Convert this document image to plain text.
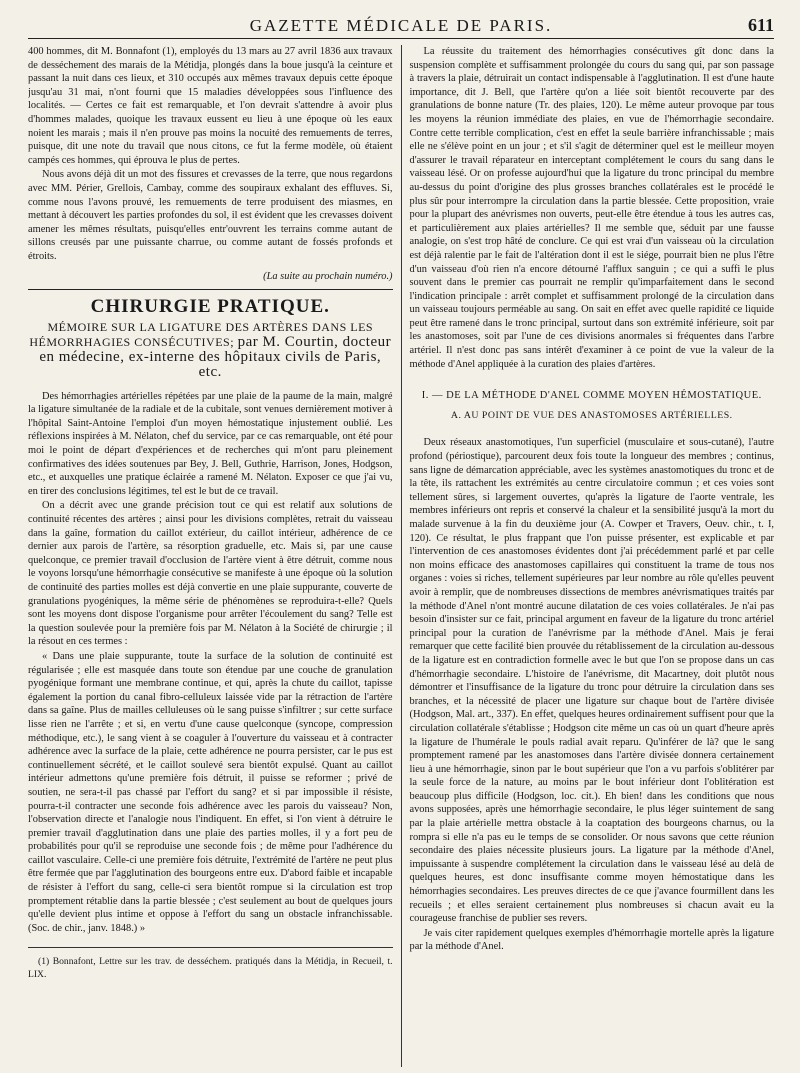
GAZETTE MÉDICALE DE PARIS.	611

400 hommes, dit M. Bonnafont (1), employés du 13 mars au 27 avril 1836 aux travaux de desséchement des marais de la Métidja, plongés dans la boue jusqu'à la ceinture et passant la nuit dans ces lieux, et 310 occupés aux mêmes travaux depuis cette époque jusqu'au 31 mai, n'ont fourni que 15 maladies développées sous l'influence des localités. — Certes ce fait est remarquable, et l'on devrait s'attendre à avoir plus d'hommes malades, quoique les travaux eussent eu lieu à une époque où les eaux noient les marais ; mais il n'en prouve pas moins la nocuité des remuements de terres, puisque, dit une note du travail que nous citons, ce fut la ferme modèle, où étaient campés ces hommes, qui éprouva le plus de pertes.

Nous avons déjà dit un mot des fissures et crevasses de la terre, que nous regardons avec MM. Périer, Grellois, Cambay, comme des soupiraux exhalant des effluves. Si, comme nous l'avons prouvé, les remuements de terre produisent des miasmes, en mettant à découvert les parties profondes du sol, il est évident que les crevasses doivent amener les mêmes résultats, puisqu'elles entr'ouvrent les terrains comme autant de sillons creusés par une puissante charrue, ou comme autant de fossés profonds et étroits.

(La suite au prochain numéro.)
CHIRURGIE PRATIQUE.
MÉMOIRE SUR LA LIGATURE DES ARTÈRES DANS LES HÉMORRHAGIES CONSÉCUTIVES; par M. Courtin, docteur en médecine, ex-interne des hôpitaux civils de Paris, etc.

Des hémorrhagies artérielles répétées par une plaie de la paume de la main, malgré la ligature simultanée de la radiale et de la cubitale, sont venues dernièrement motiver à l'hôpital Saint-Antoine l'emploi d'un moyen hémostatique injustement oublié. Les réflexions inspirées à M. Nélaton, chef du service, par ce cas remarquable, ont été pour moi le point de départ d'expériences et de recherches qui m'ont paru pleinement confirmatives des idées soutenues par Bey, J. Bell, Guthrie, Harrison, Jones, Hodgson, etc., et auxquelles une pratique éclairée a ramené M. Nélaton. Exposer ce que j'ai vu, en tirer des conclusions légitimes, tel est le but de ce travail.

On a décrit avec une grande précision tout ce qui est relatif aux solutions de continuité récentes des artères ; ainsi pour les divisions complètes, retrait du vaisseau dans la gaîne, formation du caillot extérieur, du caillot intérieur, adhérence de ce dernier aux parois de l'artère, sa résorption graduelle, etc. Mais si, par une cause quelconque, ce premier travail d'occlusion de l'artère vient à être détruit, comme nous le voyons lorsqu'une hémorrhagie consécutive se manifeste à une époque où la solution de continuité des parties molles est déjà convertie en une plaie suppurante, couverte de granulations pyogéniques, la même série de phénomènes se reproduira-t-elle? Quels sont les moyens dont dispose l'organisme pour arrêter l'écoulement du sang? Telle est la question soulevée pour la première fois par M. Nélaton à la Société de chirurgie ; il la résout en ces termes :

« Dans une plaie suppurante, toute la surface de la solution de continuité est régularisée ; elle est masquée dans toute son étendue par une couche de granulation pyogénique formant une membrane continue, et qui, après la chute du caillot, tapisse également la portion du canal fibro-celluleux laissée vide par la rétraction de l'artère dans sa gaîne. Plus de mailles celluleuses où le sang puisse s'infiltrer ; sur cette surface lisse rien ne l'arrête ; et si, en vertu d'une cause quelconque (syncope, compression méthodique, etc.), le sang vient à se coaguler à l'ouverture du vaisseau et à contracter adhérence avec la surface de la plaie, cette adhérence ne pourra persister, car le pus est continuellement sécrété, et le caillot soulevé sera bientôt expulsé. Quant au caillot intérieur admettons qu'une première fois détruit, il puisse se reformer ; privé de soutien, ne sera-t-il pas chassé par l'effort du sang? et si par impossible il résiste, pourra-t-il contracter une seconde fois adhérence avec les parois du vaisseau? Non, l'observation directe et l'analogie nous l'indiquent. En effet, si l'on vient à détruire le premier travail d'agglutination dans une plaie des parties molles, il y a fort peu de probabilités pour qu'il se reproduise une seconde fois ; de même pour l'adhérence du caillot vasculaire. Celle-ci une première fois détruite, l'extrémité de l'artère ne peut plus être fermée que par l'agglutination des bourgeons entre eux. D'abord faible et incapable de résister à l'effort du sang, celle-ci sera bientôt rompue si la circulation est trop promptement rétablie dans la partie blessée ; c'est seulement au bout de quelques jours qu'elle devient plus intime et oppose à l'effort du sang un obstacle infranchissable. (Soc. de chir., janv. 1848.) »

(1) Bonnafont, Lettre sur les trav. de desséchem. pratiqués dans la Métidja, in Recueil, t. LIX.

La réussite du traitement des hémorrhagies consécutives gît donc dans la suspension complète et suffisamment prolongée du cours du sang qui, par son passage à travers la plaie, détruirait un contact indispensable à l'agglutination. Il est d'une haute importance, dit J. Bell, que l'artère qu'on a liée soit bientôt recouverte par des granulations de bonne nature (Tr. des plaies, 120). Le même auteur provoque par tous les moyens la réunion immédiate des plaies, en vue de l'hémorrhagie secondaire. Contre cette terrible complication, c'est en effet la seule barrière infranchissable ; mais elle ne s'élève point en un jour ; et s'il s'agit de déterminer quel est le meilleur moyen d'assurer le travail réparateur en interceptant complétement le cours du sang dans le vaisseau lésé. Or on professe aujourd'hui que la ligature du tronc principal du membre au-dessus du point d'origine des plus grosses branches collatérales est le procédé le plus sûr pour interrompre la circulation dans la partie blessée. Cette proposition, vraie pour la plupart des anévrismes non ouverts, peut-elle être étendue à tous les autres cas, et particulièrement aux plaies artérielles? Il me semble que, séduit par une fausse analogie, on s'est trop hâté de conclure. Ce qui est vrai d'un vaisseau où la circulation est déjà ralentie par le fait de l'altération dont il est le siége, pourrait bien ne plus l'être d'un vaisseau d'où rien n'a encore détourné l'afflux sanguin ; ce qui a suffi le plus souvent dans le premier cas pourrait ne remplir qu'imparfaitement dans le second l'indication principale : arrêt complet et suffisamment prolongé de la circulation dans un vaisseau toujours perméable au sang. On sait en effet avec quelle rapidité ce liquide peut être ramené dans le tronc principal, surtout dans son extrémité inférieure, soit par les anastomoses, soit par l'une de ces divisions anormales si fréquentes dans l'arbre artériel. Il n'est donc pas sans intérêt d'examiner à ce point de vue la valeur de la méthode d'Anel appliquée à la curation des plaies d'artères.

I. — DE LA MÉTHODE D'ANEL COMME MOYEN HÉMOSTATIQUE.
A. AU POINT DE VUE DES ANASTOMOSES ARTÉRIELLES.

Deux réseaux anastomotiques, l'un superficiel (musculaire et sous-cutané), l'autre profond (périostique), parcourent deux fois toute la longueur des membres ; continus, sans ligne de démarcation appréciable, avec les systèmes anastomotiques du tronc et de la tête, ils rattachent les extrémités au centre circulatoire commun ; et ces voies sont tellement sûres, si largement ouvertes, qu'après la ligature de l'aorte ventrale, les membres inférieurs ont repris et conservé la chaleur et la sensibilité jusqu'à la mort du malade survenue à la fin du deuxième jour (A. Cowper et Travers, Oeuv. chir., t. I, 120). Ce résultat, le plus frappant que l'on puisse présenter, est explicable et par l'intervention de ces anastomoses évidentes dont j'ai précédemment parlé et par celle non moins efficace des anastomoses capillaires qui constituent la trame de tous nos organes : voies si riches, tellement supérieures par leur nombre au rôle qu'elles peuvent avoir à remplir, que de nombreuses dissections de membres anévrismatiques traités par la méthode d'Anel n'ont montré aucune dilatation de ces voies collatérales. Je n'ai pas besoin d'insister sur ce fait, principal argument en faveur de la ligature du tronc artériel principal pour la curation de l'anévrisme par la méthode d'Anel. Mais je ferai remarquer que cette facilité bien prouvée du rétablissement de la circulation au-dessous de la ligature est en contradiction formelle avec le but que l'on se propose dans un cas d'hémorrhagie secondaire. L'histoire de l'anévrisme, dit Macartney, doit plutôt nous démontrer et l'insuffisance de la ligature du tronc pour détruire la circulation dans ses branches, et la nécessité de placer une ligature sur chaque bout de l'artère divisée (Hodgson, Mal. art., 337). En effet, quelques heures ordinairement suffisent pour que la circulation collatérale s'établisse ; Hodgson cite même un cas où un quart d'heure après la ligature de l'humérale le pouls radial avait reparu. Qu'inférer de là? que le sang promptement ramené par les anastomoses dans l'artère divisée donnera certainement lieu à une hémorrhagie, sinon par le bout supérieur que l'on a vu parfois s'oblitérer par la seule force de la nature, au moins par le bout inférieur dont l'oblitération est beaucoup plus difficile (Hodgson, loc. cit.). Eh bien! dans les conditions que nous avons supposées, après une hémorrhagie secondaire, le plus léger suintement de sang par la plaie artérielle mettra obstacle à la coaptation des bourgeons charnus, ou la rompra si elle n'a pas eu le temps de se consolider. Or nous savons que cette réunion secondaire des plaies nécessite plusieurs jours. La ligature par la méthode d'Anel, impuissante à suspendre complétement la circulation dans le vaisseau lésé au delà de quelques heures, est donc insuffisante comme moyen hémostatique dans les hémorrhagies secondaires. Les preuves directes de ce que j'avance fourmillent dans les recueils ; et elles seraient certainement plus nombreuses si chacun avait eu la courageuse franchise de publier ses revers.

Je vais citer rapidement quelques exemples d'hémorrhagie mortelle après la ligature par la méthode d'Anel.
